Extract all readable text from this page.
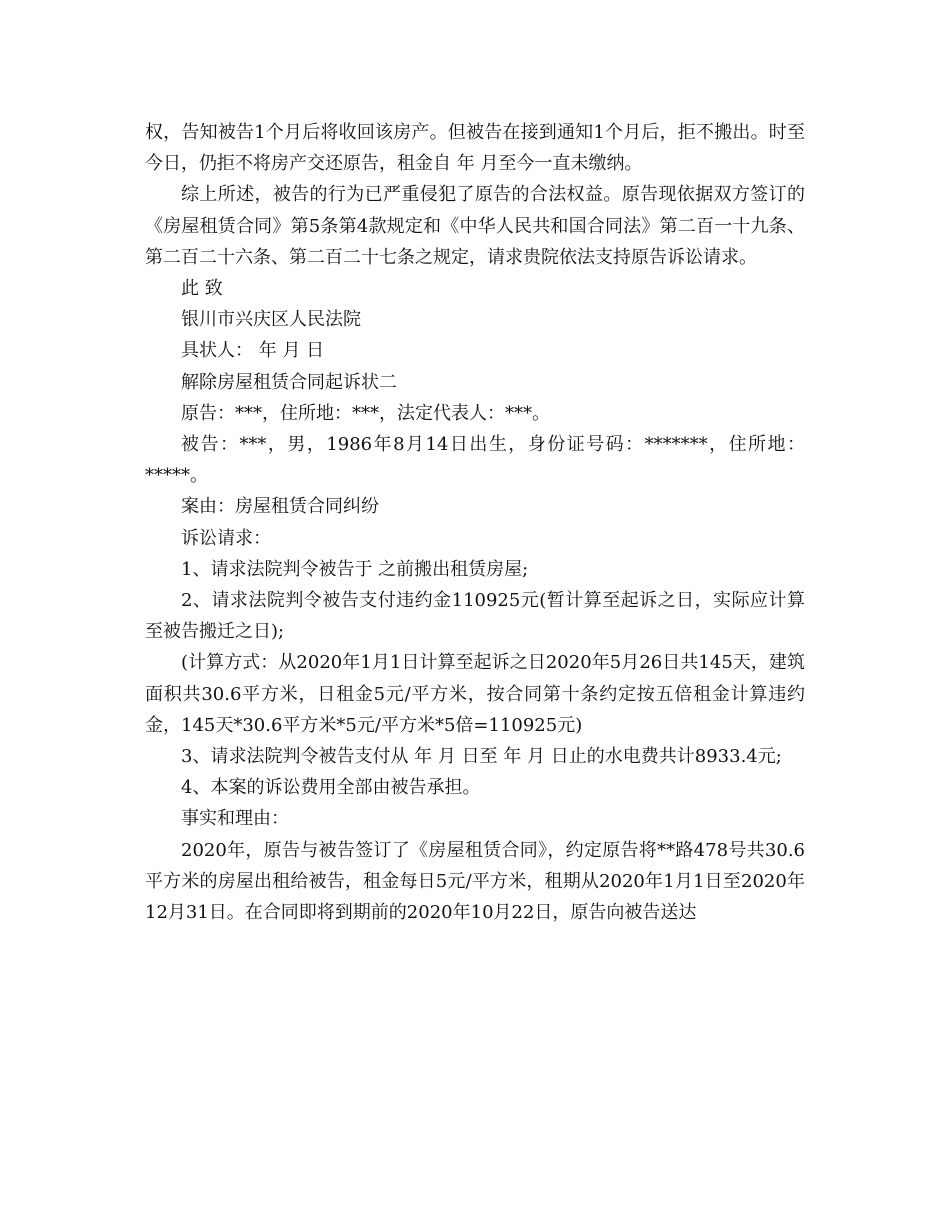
权，告知被告1个月后将收回该房产。但被告在接到通知1个月后，拒不搬出。时至今日，仍拒不将房产交还原告，租金自 年 月至今一直未缴纳。

综上所述，被告的行为已严重侵犯了原告的合法权益。原告现依据双方签订的《房屋租赁合同》第5条第4款规定和《中华人民共和国合同法》第二百一十九条、第二百二十六条、第二百二十七条之规定，请求贵院依法支持原告诉讼请求。

此 致

银川市兴庆区人民法院

具状人： 年 月 日

解除房屋租赁合同起诉状二

原告：***，住所地：***，法定代表人：***。

被告：***，男，1986年8月14日出生，身份证号码：*******，住所地：*****。

案由：房屋租赁合同纠纷

诉讼请求：

1、请求法院判令被告于 之前搬出租赁房屋;

2、请求法院判令被告支付违约金110925元(暂计算至起诉之日，实际应计算至被告搬迁之日);

(计算方式：从2020年1月1日计算至起诉之日2020年5月26日共145天，建筑面积共30.6平方米，日租金5元/平方米，按合同第十条约定按五倍租金计算违约金，145天*30.6平方米*5元/平方米*5倍=110925元)

3、请求法院判令被告支付从 年 月 日至 年 月 日止的水电费共计8933.4元;

4、本案的诉讼费用全部由被告承担。

事实和理由：

2020年，原告与被告签订了《房屋租赁合同》，约定原告将**路478号共30.6平方米的房屋出租给被告，租金每日5元/平方米，租期从2020年1月1日至2020年12月31日。在合同即将到期前的2020年10月22日，原告向被告送达
